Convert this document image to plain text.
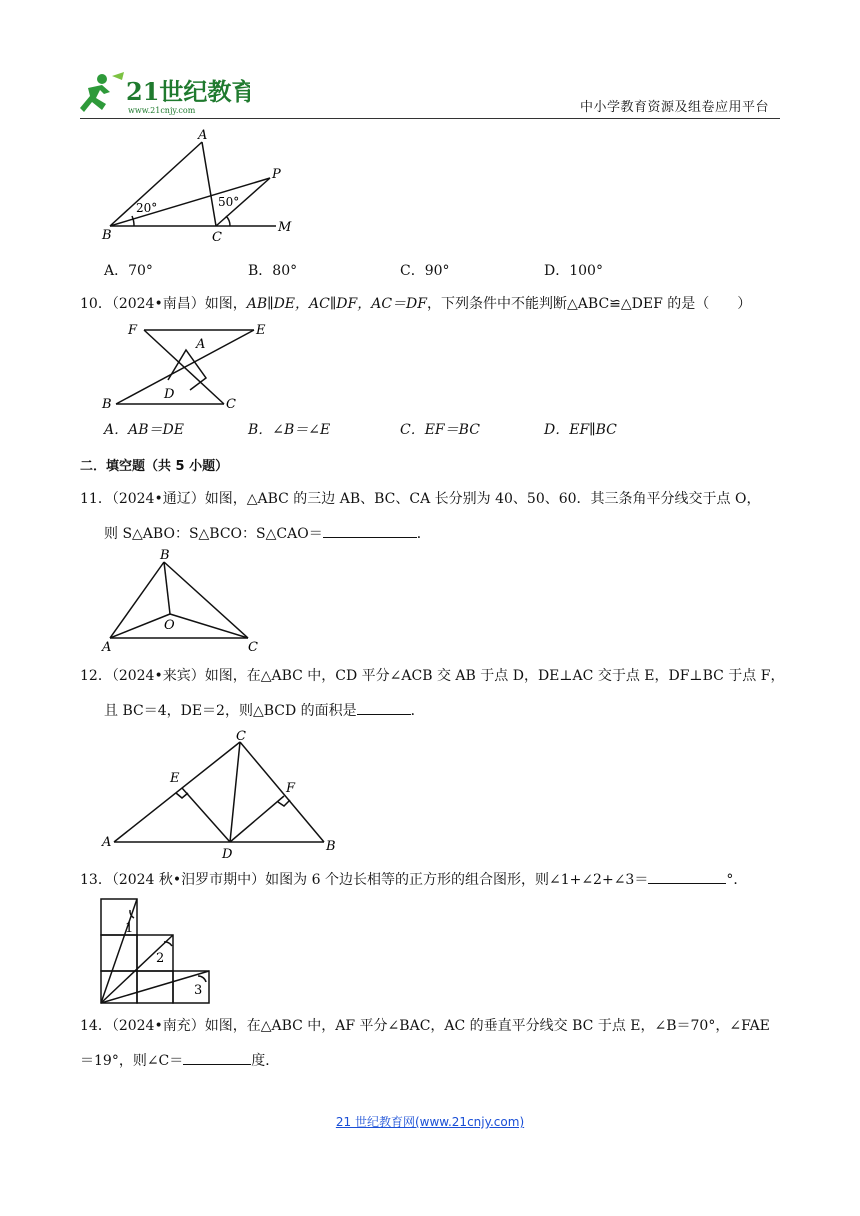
21世纪教育
www.21cnjy.com	中小学教育资源及组卷应用平台
A
B	C
P
M
20°	50°
A．70°	B．80°	C．90°	D．100°
10．（2024•南昌）如图，AB∥DE，AC∥DF，AC＝DF，下列条件中不能判断△ABC≌△DEF 的是（　　）
F	E
A
D
B	C
A．AB＝DE	B．∠B＝∠E	C．EF＝BC	D．EF∥BC
二．填空题（共 5 小题）
11．（2024•通辽）如图，△ABC 的三边 AB、BC、CA 长分别为 40、50、60．其三条角平分线交于点 O，
则 S△ABO：S△BCO：S△CAO＝	．
B
O
A	C
12．（2024•来宾）如图，在△ABC 中，CD 平分∠ACB 交 AB 于点 D，DE⊥AC 交于点 E，DF⊥BC 于点 F，
且 BC＝4，DE＝2，则△BCD 的面积是	．
C
E
F
A
D
B
13．（2024 秋•汨罗市期中）如图为 6 个边长相等的正方形的组合图形，则∠1+∠2+∠3＝	°．
1
2
3
14．（2024•南充）如图，在△ABC 中，AF 平分∠BAC，AC 的垂直平分线交 BC 于点 E，∠B＝70°，∠FAE
＝19°，则∠C＝	度．
21 世纪教育网(www.21cnjy.com)
